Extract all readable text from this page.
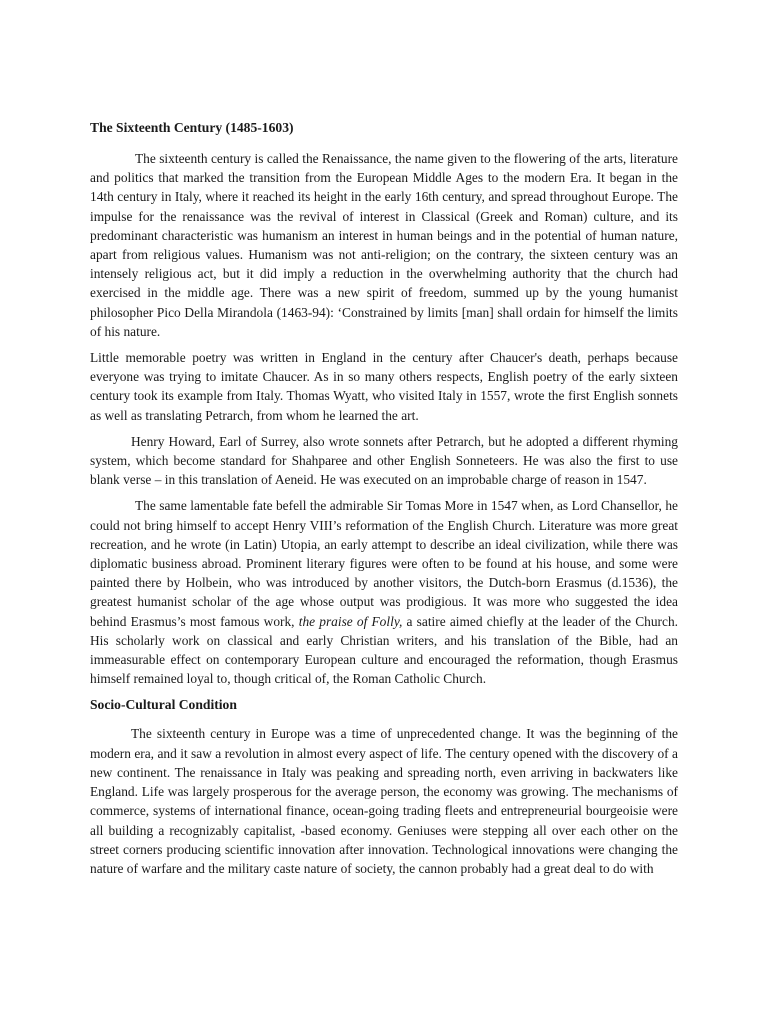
The Sixteenth Century (1485-1603)

The sixteenth century is called the Renaissance, the name given to the flowering of the arts, literature and politics that marked the transition from the European Middle Ages to the modern Era. It began in the 14th century in Italy, where it reached its height in the early 16th century, and spread throughout Europe. The impulse for the renaissance was the revival of interest in Classical (Greek and Roman) culture, and its predominant characteristic was humanism an interest in human beings and in the potential of human nature, apart from religious values. Humanism was not anti-religion; on the contrary, the sixteen century was an intensely religious act, but it did imply a reduction in the overwhelming authority that the church had exercised in the middle age. There was a new spirit of freedom, summed up by the young humanist philosopher Pico Della Mirandola (1463-94): ‘Constrained by limits [man] shall ordain for himself the limits of his nature.

Little memorable poetry was written in England in the century after Chaucer's death, perhaps because everyone was trying to imitate Chaucer. As in so many others respects, English poetry of the early sixteen century took its example from Italy. Thomas Wyatt, who visited Italy in 1557, wrote the first English sonnets as well as translating Petrarch, from whom he learned the art.

Henry Howard, Earl of Surrey, also wrote sonnets after Petrarch, but he adopted a different rhyming system, which become standard for Shahparee and other English Sonneteers. He was also the first to use blank verse – in this translation of Aeneid. He was executed on an improbable charge of reason in 1547.

The same lamentable fate befell the admirable Sir Tomas More in 1547 when, as Lord Chansellor, he could not bring himself to accept Henry VIII’s reformation of the English Church. Literature was more great recreation, and he wrote (in Latin) Utopia, an early attempt to describe an ideal civilization, while there was diplomatic business abroad. Prominent literary figures were often to be found at his house, and some were painted there by Holbein, who was introduced by another visitors, the Dutch-born Erasmus (d.1536), the greatest humanist scholar of the age whose output was prodigious. It was more who suggested the idea behind Erasmus’s most famous work, the praise of Folly, a satire aimed chiefly at the leader of the Church. His scholarly work on classical and early Christian writers, and his translation of the Bible, had an immeasurable effect on contemporary European culture and encouraged the reformation, though Erasmus himself remained loyal to, though critical of, the Roman Catholic Church.

Socio-Cultural Condition

The sixteenth century in Europe was a time of unprecedented change. It was the beginning of the modern era, and it saw a revolution in almost every aspect of life. The century opened with the discovery of a new continent. The renaissance in Italy was peaking and spreading north, even arriving in backwaters like England. Life was largely prosperous for the average person, the economy was growing. The mechanisms of commerce, systems of international finance, ocean-going trading fleets and entrepreneurial bourgeoisie were all building a recognizably capitalist, -based economy. Geniuses were stepping all over each other on the street corners producing scientific innovation after innovation. Technological innovations were changing the nature of warfare and the military caste nature of society, the cannon probably had a great deal to do with
